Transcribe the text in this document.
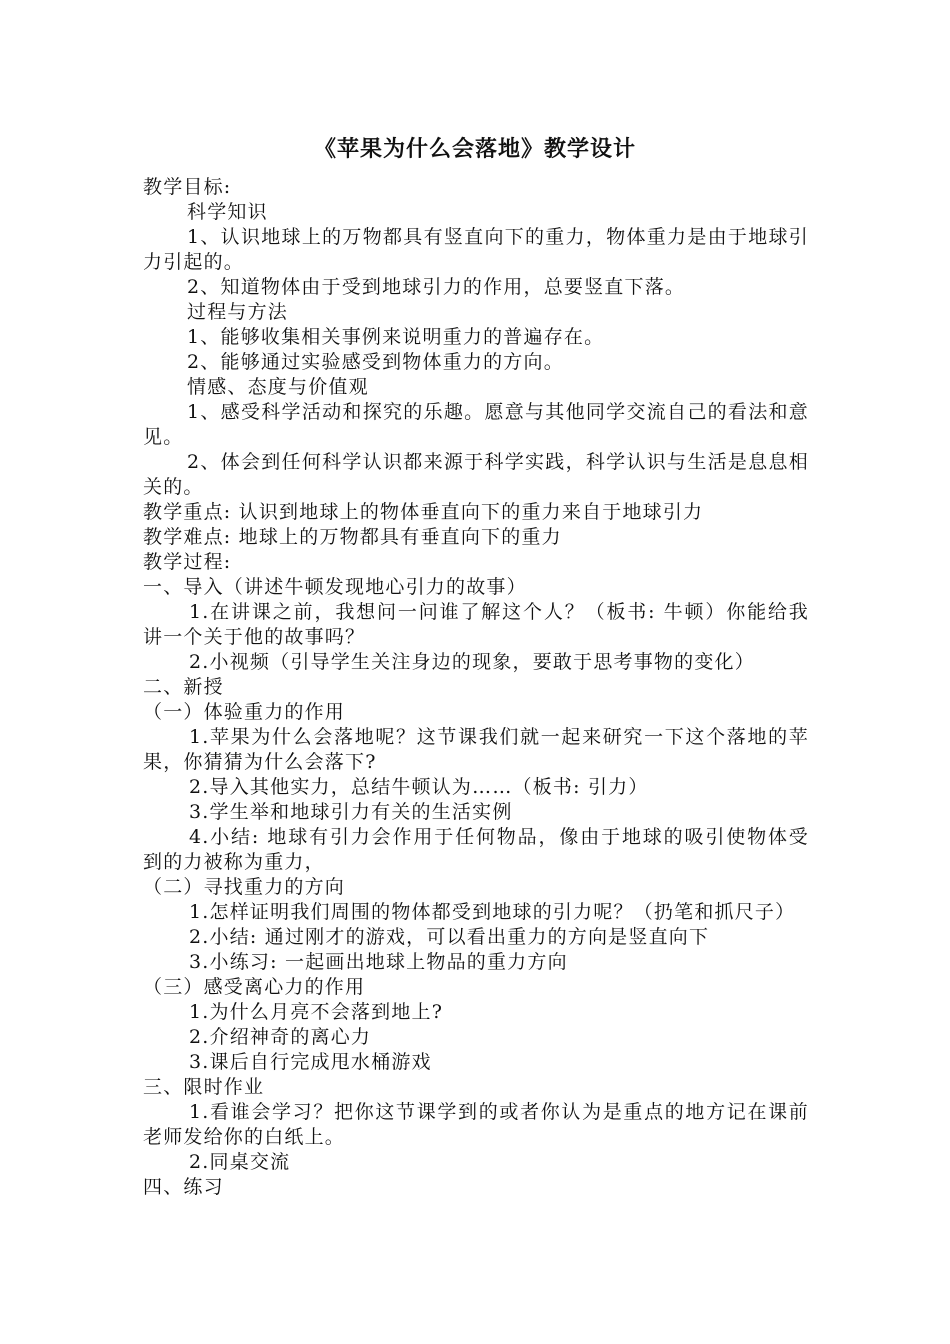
《苹果为什么会落地》教学设计

教学目标:

科学知识

1、认识地球上的万物都具有竖直向下的重力，物体重力是由于地球引力引起的。

2、知道物体由于受到地球引力的作用，总要竖直下落。

过程与方法

1、能够收集相关事例来说明重力的普遍存在。

2、能够通过实验感受到物体重力的方向。

情感、态度与价值观

1、感受科学活动和探究的乐趣。愿意与其他同学交流自己的看法和意见。

2、体会到任何科学认识都来源于科学实践，科学认识与生活是息息相关的。

教学重点: 认识到地球上的物体垂直向下的重力来自于地球引力

教学难点: 地球上的万物都具有垂直向下的重力

教学过程:

一、导入（讲述牛顿发现地心引力的故事）

1.在讲课之前，我想问一问谁了解这个人？（板书: 牛顿）你能给我讲一个关于他的故事吗？

2.小视频（引导学生关注身边的现象，要敢于思考事物的变化）

二、新授

（一）体验重力的作用

1.苹果为什么会落地呢？这节课我们就一起来研究一下这个落地的苹果，你猜猜为什么会落下?

2.导入其他实力，总结牛顿认为……（板书: 引力）

3.学生举和地球引力有关的生活实例

4.小结: 地球有引力会作用于任何物品，像由于地球的吸引使物体受到的力被称为重力，

（二）寻找重力的方向

1.怎样证明我们周围的物体都受到地球的引力呢？（扔笔和抓尺子）

2.小结: 通过刚才的游戏，可以看出重力的方向是竖直向下

3.小练习: 一起画出地球上物品的重力方向

（三）感受离心力的作用

1.为什么月亮不会落到地上?

2.介绍神奇的离心力

3.课后自行完成甩水桶游戏

三、限时作业

1.看谁会学习？把你这节课学到的或者你认为是重点的地方记在课前老师发给你的白纸上。

2.同桌交流

四、练习
